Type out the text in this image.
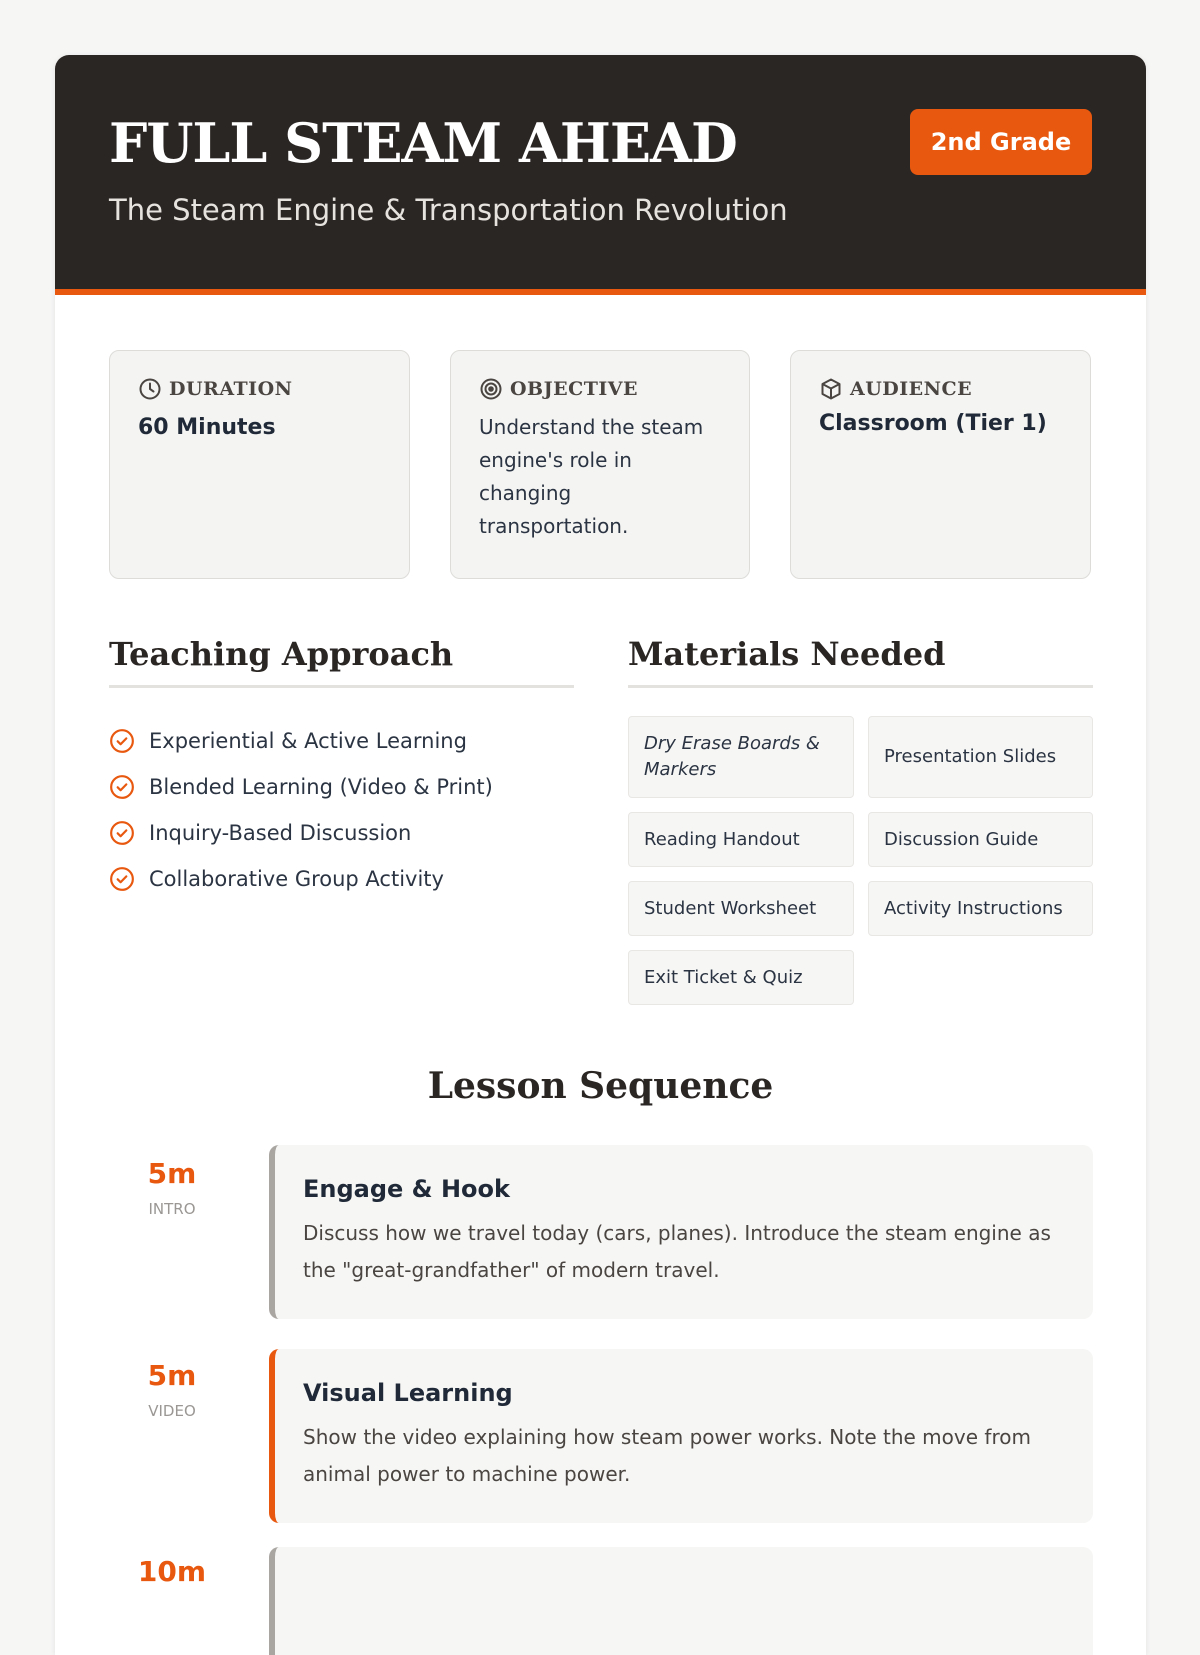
FULL STEAM AHEAD
The Steam Engine & Transportation Revolution
2nd Grade
DURATION
60 Minutes
OBJECTIVE
Understand the steam engine's role in changing transportation.
AUDIENCE
Classroom (Tier 1)
Teaching Approach
Experiential & Active Learning
Blended Learning (Video & Print)
Inquiry-Based Discussion
Collaborative Group Activity
Materials Needed
Dry Erase Boards & Markers
Presentation Slides
Reading Handout	Discussion Guide
Student Worksheet	Activity Instructions
Exit Ticket & Quiz
Lesson Sequence
5m
INTRO
Engage & Hook
Discuss how we travel today (cars, planes). Introduce the steam engine as the "great-grandfather" of modern travel.
5m
VIDEO
Visual Learning
Show the video explaining how steam power works. Note the move from animal power to machine power.
10m
